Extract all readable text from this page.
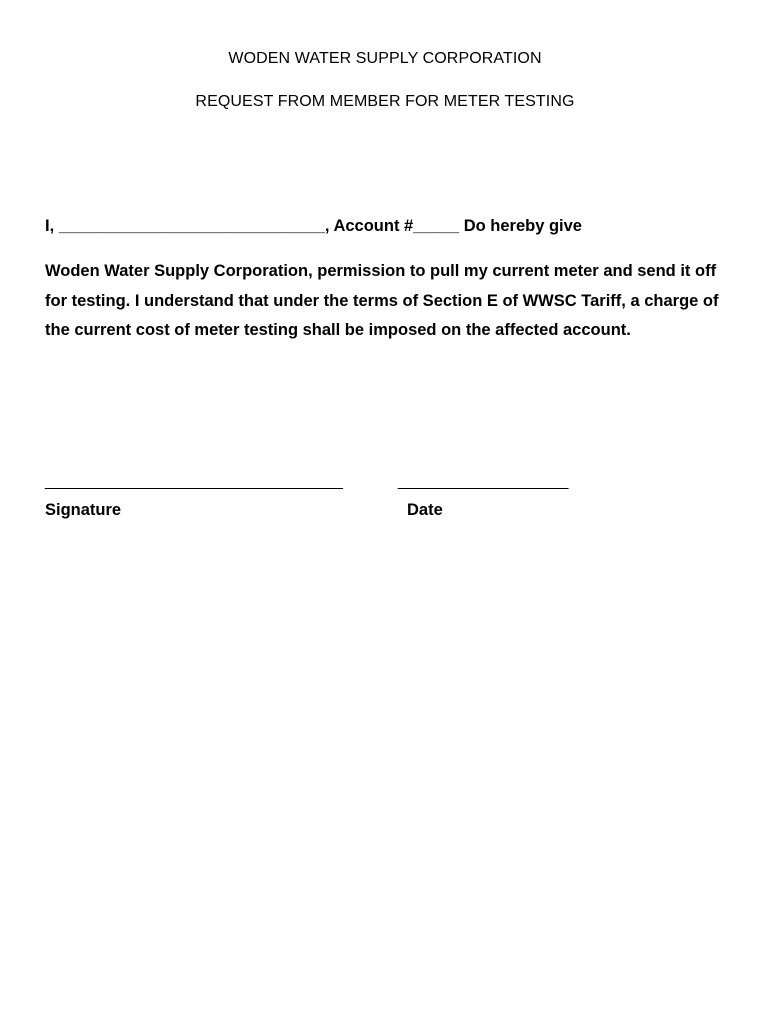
WODEN WATER SUPPLY CORPORATION
REQUEST FROM MEMBER FOR METER TESTING
I, _____________________________, Account #_____ Do hereby give
Woden Water Supply Corporation, permission to pull my current meter and send it off for testing. I understand that under the terms of Section E of WWSC Tariff, a charge of the current cost of meter testing shall be imposed on the affected account.
___________________________________	____________________
Signature	Date
